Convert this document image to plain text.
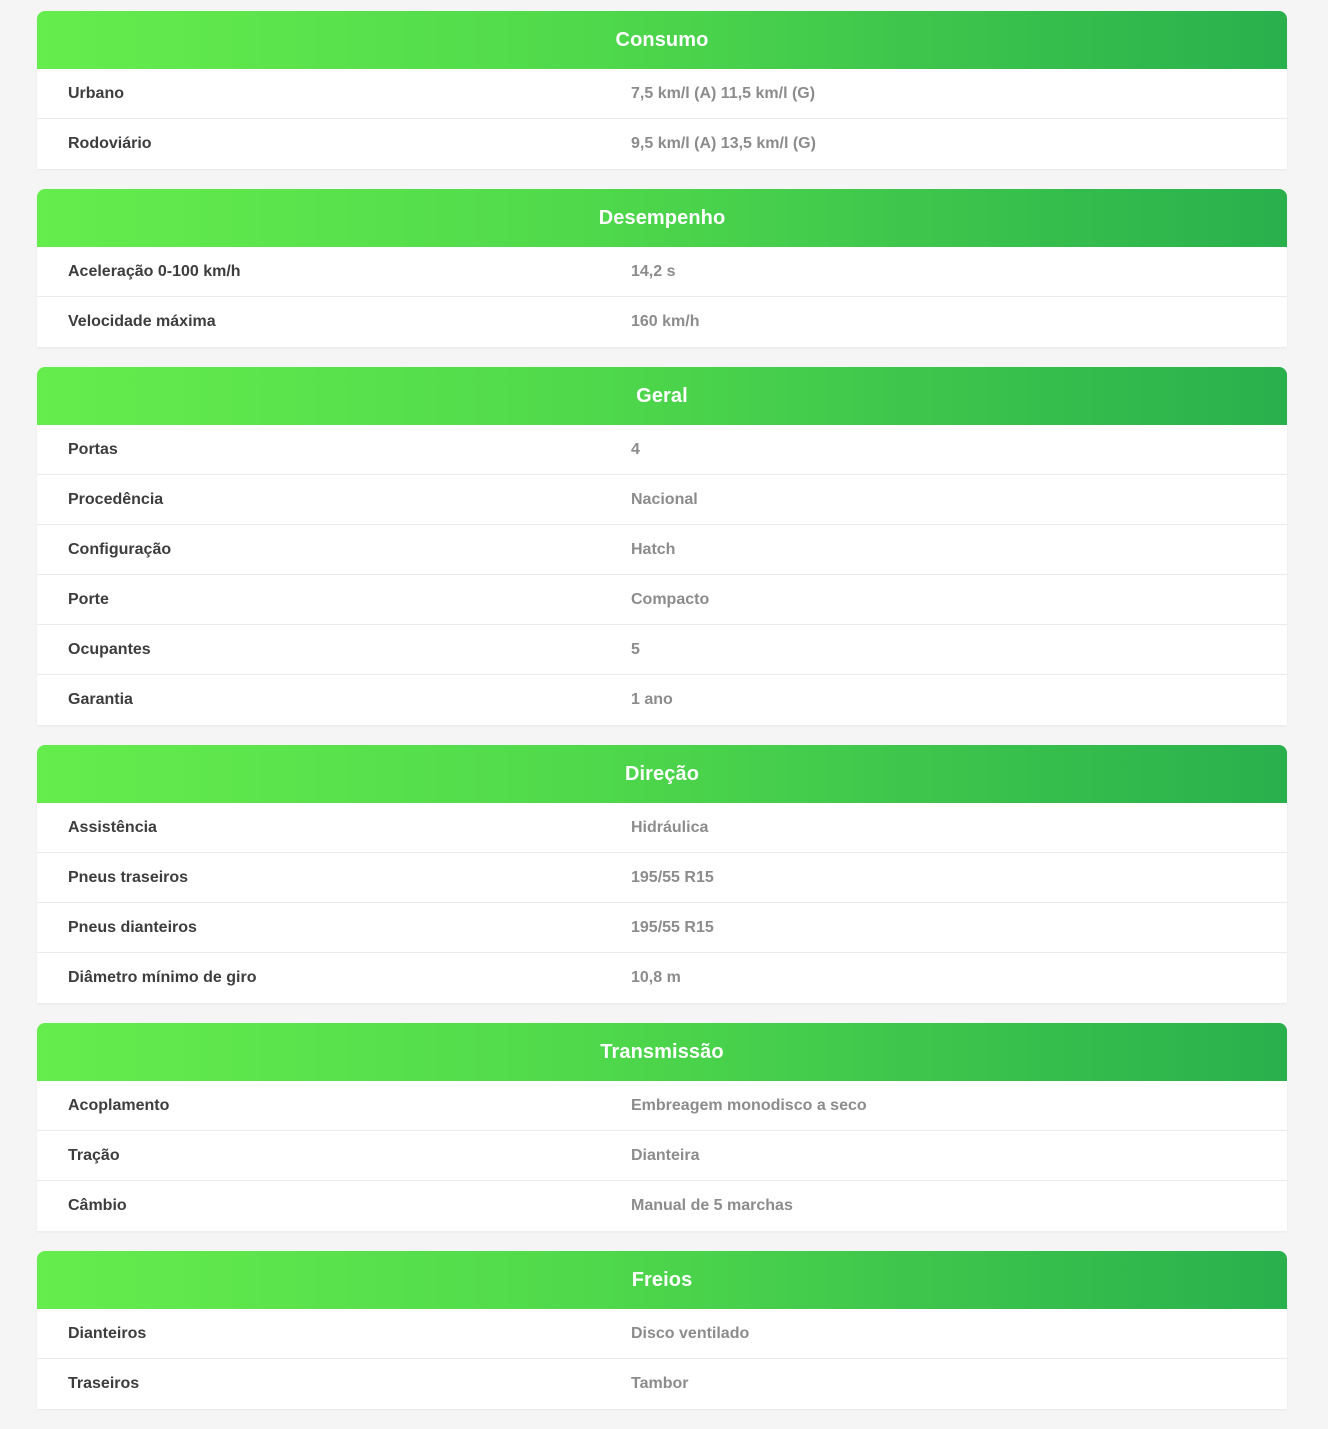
Consumo
Urbano	7,5 km/l (A) 11,5 km/l (G)
Rodoviário	9,5 km/l (A) 13,5 km/l (G)
Desempenho
Aceleração 0-100 km/h	14,2 s
Velocidade máxima	160 km/h
Geral
Portas	4
Procedência	Nacional
Configuração	Hatch
Porte	Compacto
Ocupantes	5
Garantia	1 ano
Direção
Assistência	Hidráulica
Pneus traseiros	195/55 R15
Pneus dianteiros	195/55 R15
Diâmetro mínimo de giro	10,8 m
Transmissão
Acoplamento	Embreagem monodisco a seco
Tração	Dianteira
Câmbio	Manual de 5 marchas
Freios
Dianteiros	Disco ventilado
Traseiros	Tambor
